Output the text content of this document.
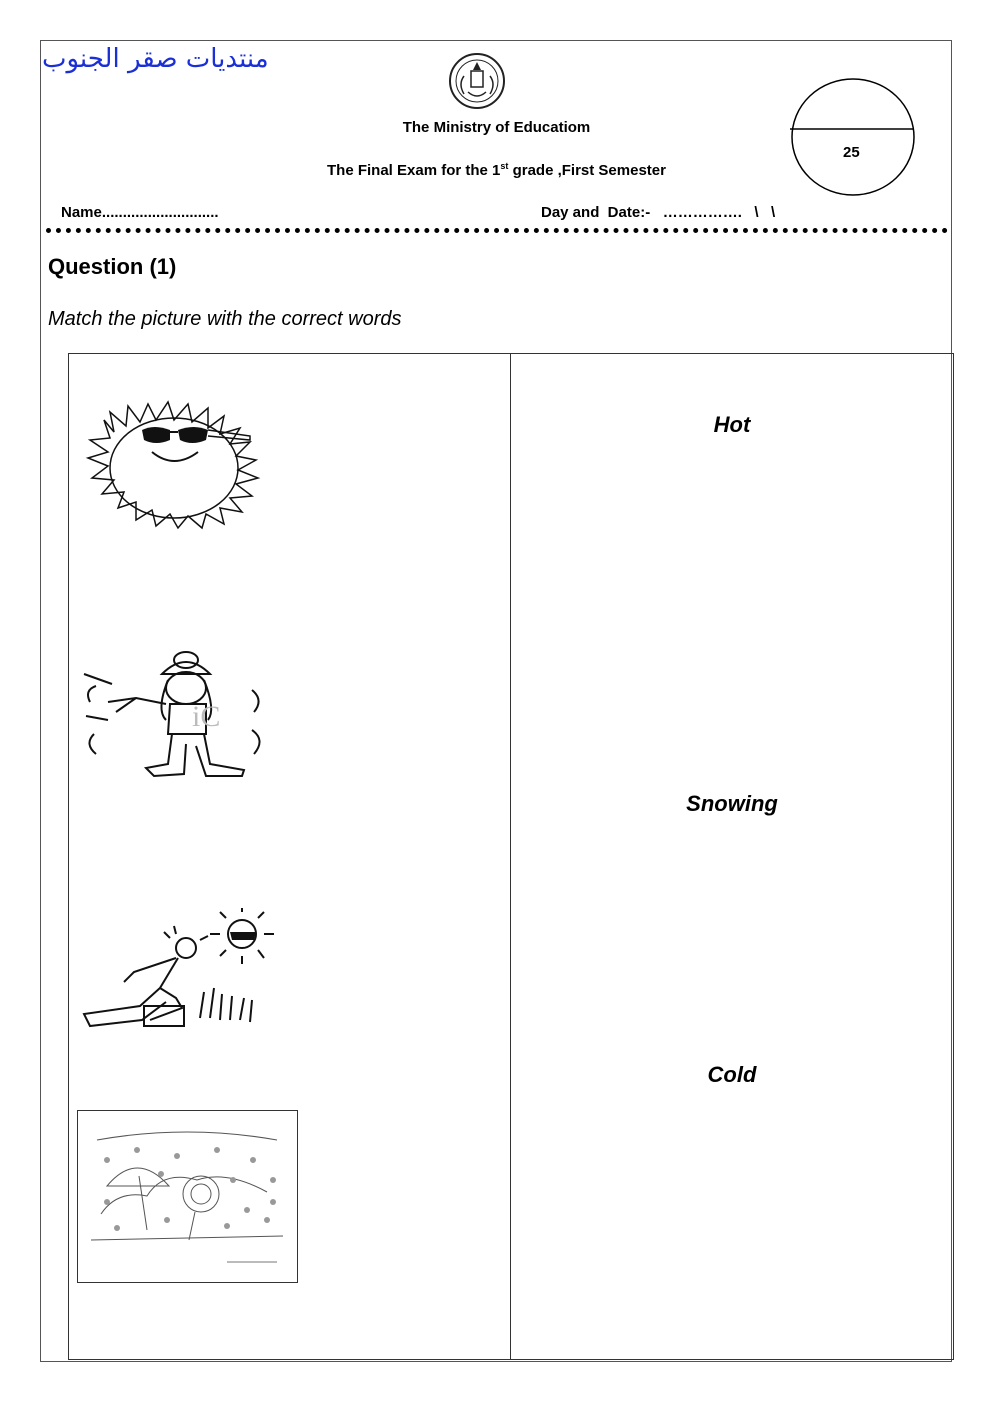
منتديات صقر الجنوب
The Ministry of Educatiom
The Final Exam for the 1st grade ,First Semester
25
Name............................	Day and  Date:-   …………….   \   \
Question (1)
Match the picture with the correct words
iC
Hot
Snowing
Cold
